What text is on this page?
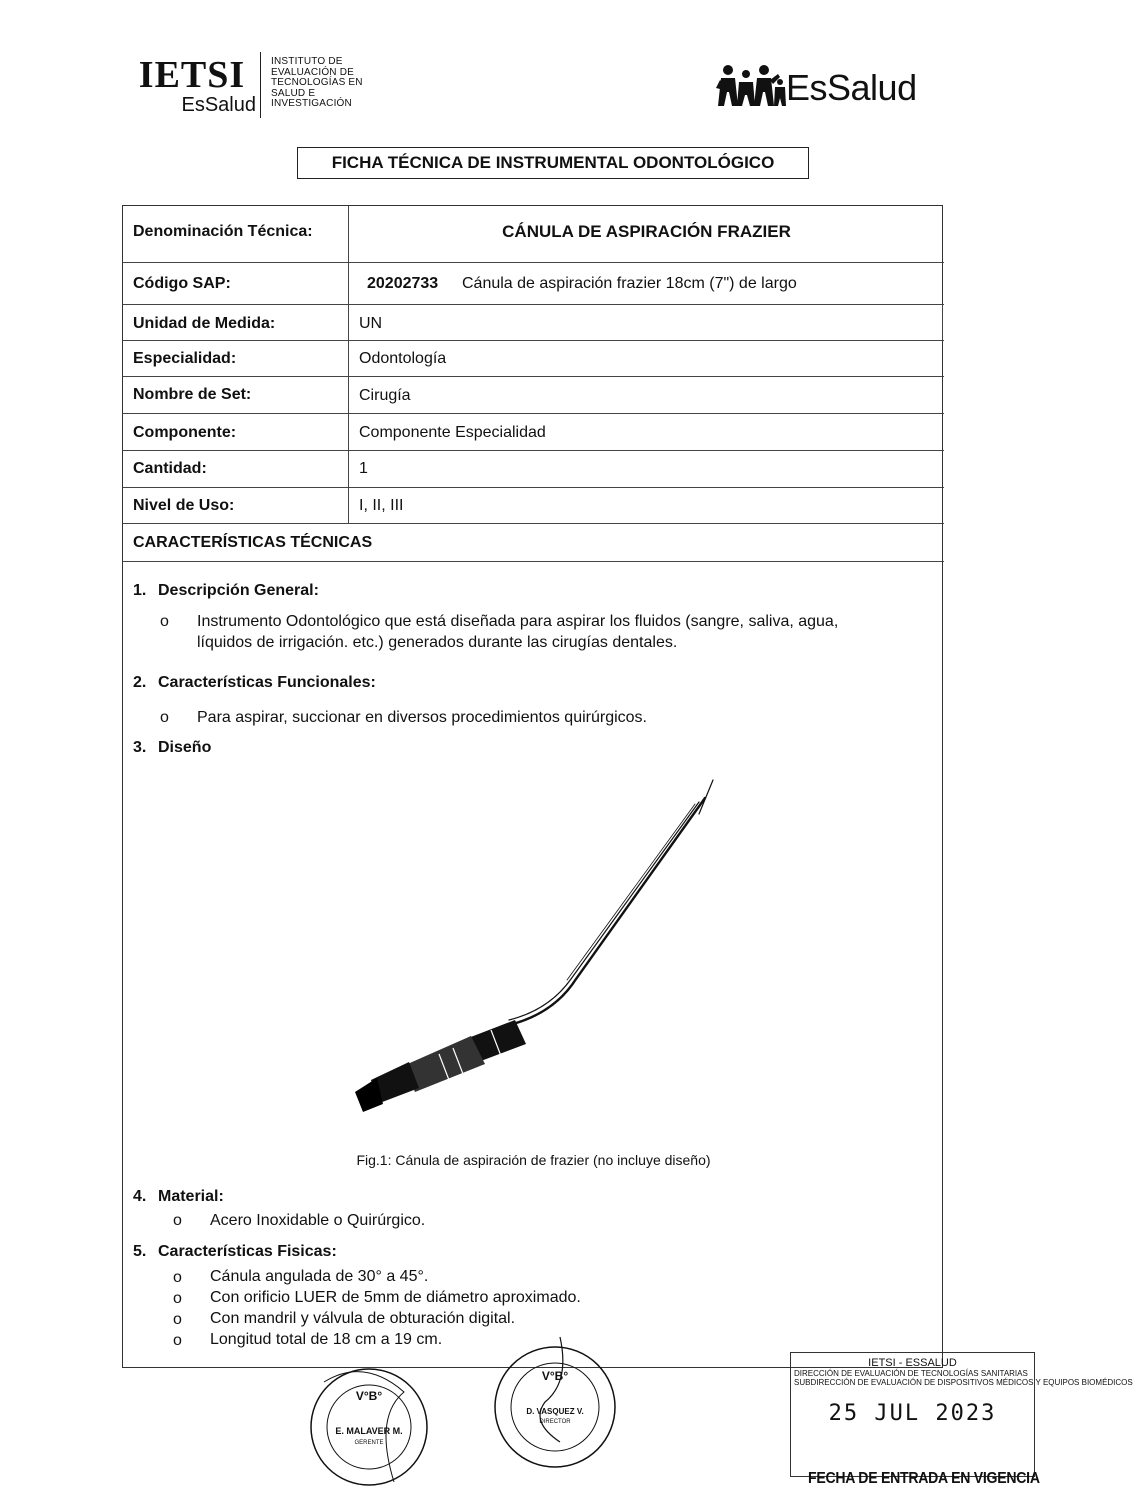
IETSI
EsSalud
INSTITUTO DE EVALUACIÓN DE TECNOLOGÍAS EN SALUD E INVESTIGACIÓN	EsSalud
FICHA TÉCNICA DE INSTRUMENTAL ODONTOLÓGICO
Denominación Técnica:	CÁNULA DE ASPIRACIÓN FRAZIER
Código SAP:	20202733 Cánula de aspiración frazier 18cm (7") de largo
Unidad de Medida:	UN
Especialidad:	Odontología
Nombre de Set:	Cirugía
Componente:	Componente Especialidad
Cantidad:	1
Nivel de Uso:	I, II, III
CARACTERÍSTICAS TÉCNICAS
1. Descripción General:
o Instrumento Odontológico que está diseñada para aspirar los fluidos (sangre, saliva, agua,
líquidos de irrigación. etc.) generados durante las cirugías dentales.
2. Características Funcionales:
o Para aspirar, succionar en diversos procedimientos quirúrgicos.
3. Diseño
Fig.1: Cánula de aspiración de frazier (no incluye diseño)
4. Material:
o Acero Inoxidable o Quirúrgico.
5. Características Fisicas:
o Cánula angulada de 30° a 45°.
o Con orificio LUER de 5mm de diámetro aproximado.
o Con mandril y válvula de obturación digital.
o Longitud total de 18 cm a 19 cm.
V°B°
E. MALAVER M.
GERENTE
V°B°
D. VASQUEZ V.
DIRECTOR
IETSI - ESSALUD
DIRECCIÓN DE EVALUACIÓN DE TECNOLOGÍAS SANITARIAS
SUBDIRECCIÓN DE EVALUACIÓN DE DISPOSITIVOS MÉDICOS Y EQUIPOS BIOMÉDICOS
25 JUL 2023
FECHA DE ENTRADA EN VIGENCIA
